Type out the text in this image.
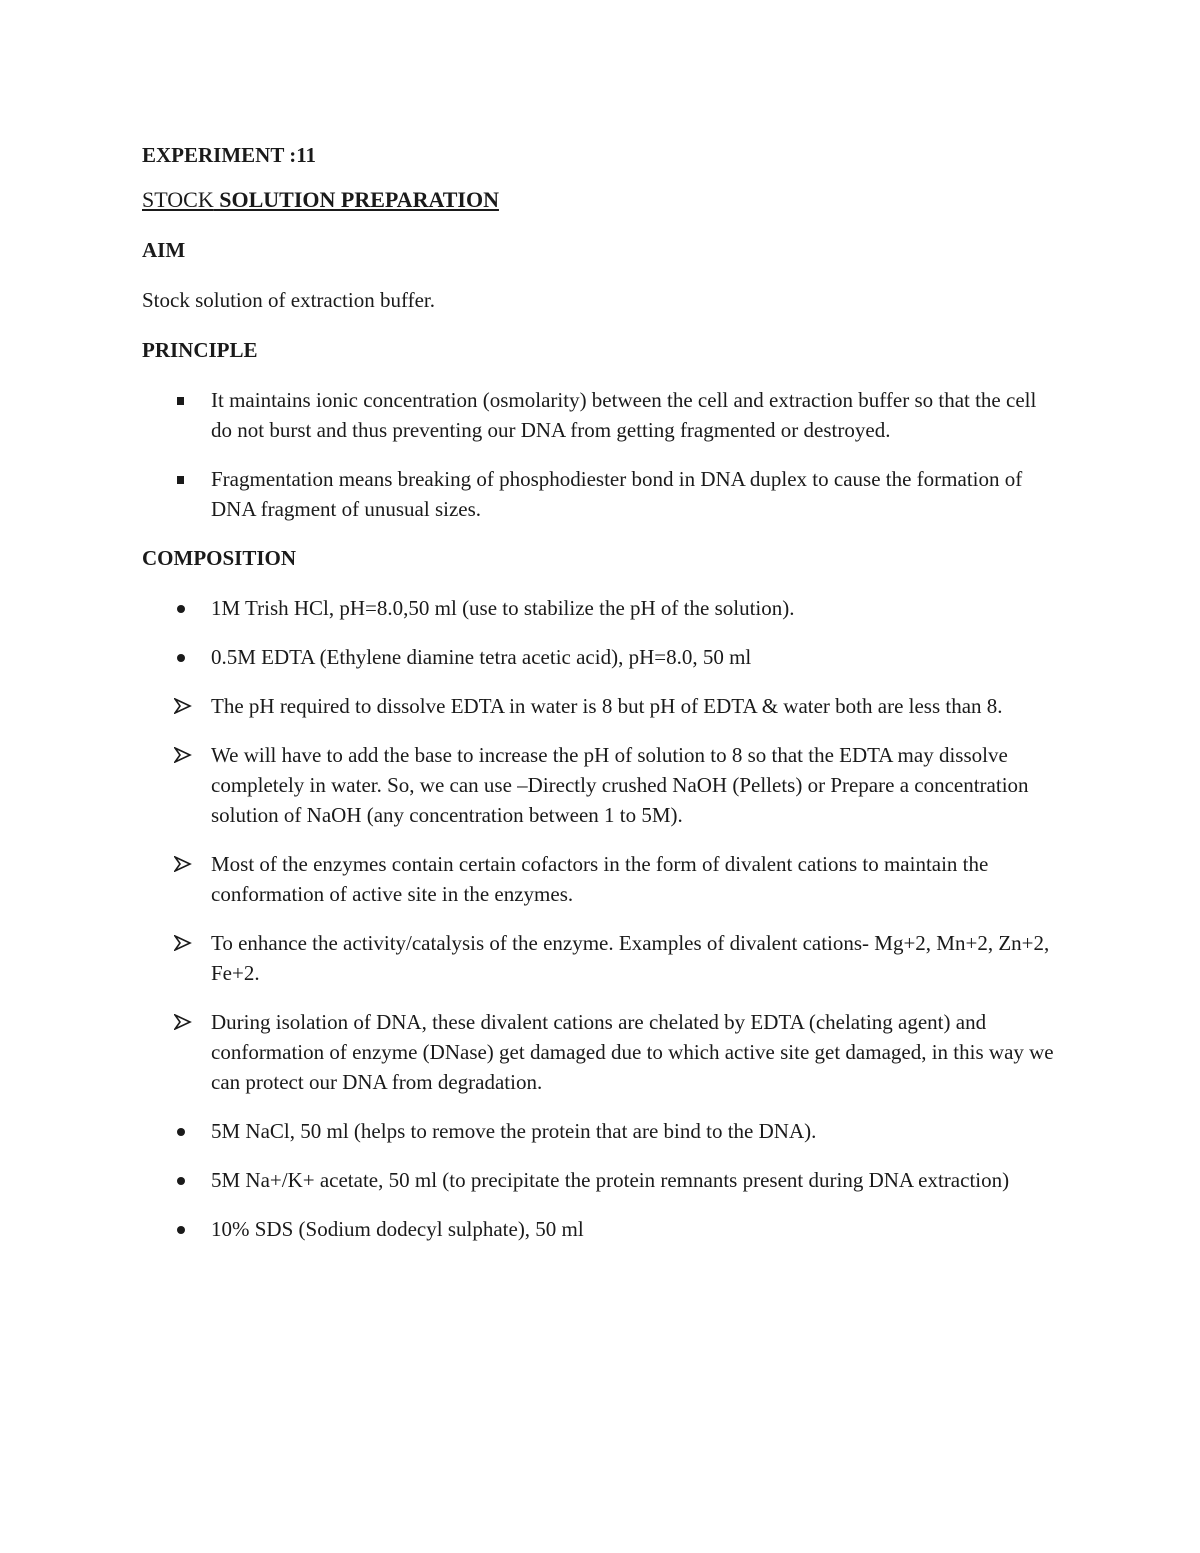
EXPERIMENT :11

STOCK SOLUTION PREPARATION

AIM

Stock solution of extraction buffer.

PRINCIPLE

It maintains ionic concentration (osmolarity) between the cell and extraction buffer so that the cell do not burst and thus preventing our DNA from getting fragmented or destroyed.
Fragmentation means breaking of phosphodiester bond in DNA duplex to cause the formation of DNA fragment of unusual sizes.

COMPOSITION

1M Trish HCl, pH=8.0,50 ml (use to stabilize the pH of the solution).
0.5M EDTA (Ethylene diamine tetra acetic acid), pH=8.0, 50 ml
The pH required to dissolve EDTA in water is 8 but pH of EDTA & water both are less than 8.
We will have to add the base to increase the pH of solution to 8 so that the EDTA may dissolve completely in water. So, we can use –Directly crushed NaOH (Pellets) or Prepare a concentration solution of NaOH (any concentration between 1 to 5M).
Most of the enzymes contain certain cofactors in the form of divalent cations to maintain the conformation of active site in the enzymes.
To enhance the activity/catalysis of the enzyme. Examples of divalent cations- Mg+2, Mn+2, Zn+2, Fe+2.
During isolation of DNA, these divalent cations are chelated by EDTA (chelating agent) and conformation of enzyme (DNase) get damaged due to which active site get damaged, in this way we can protect our DNA from degradation.
5M NaCl, 50 ml (helps to remove the protein that are bind to the DNA).
5M Na+/K+ acetate, 50 ml (to precipitate the protein remnants present during DNA extraction)
10% SDS (Sodium dodecyl sulphate), 50 ml
